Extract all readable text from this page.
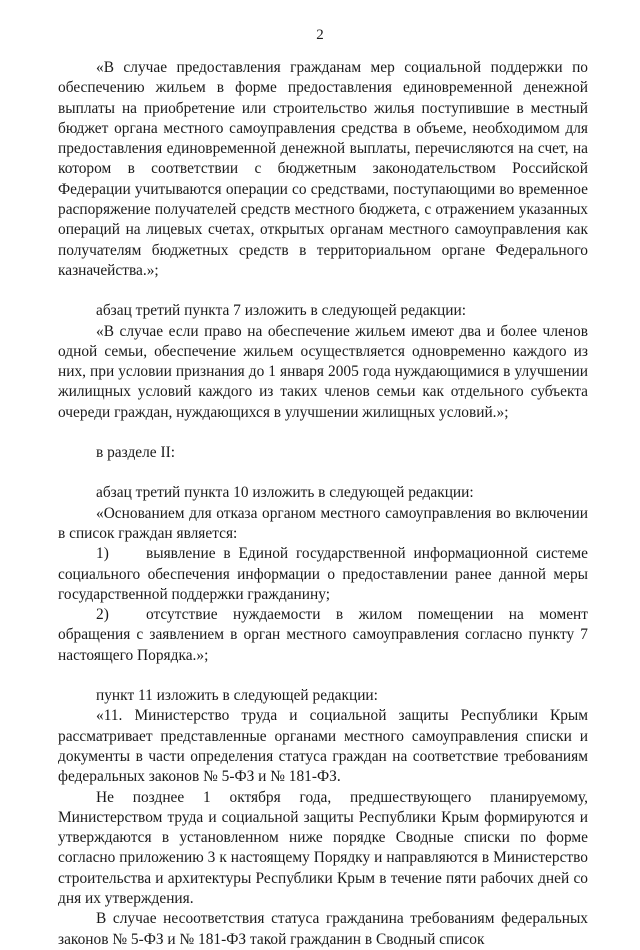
2

«В случае предоставления гражданам мер социальной поддержки по обеспечению жильем в форме предоставления единовременной денежной выплаты на приобретение или строительство жилья поступившие в местный бюджет органа местного самоуправления средства в объеме, необходимом для предоставления единовременной денежной выплаты, перечисляются на счет, на котором в соответствии с бюджетным законодательством Российской Федерации учитываются операции со средствами, поступающими во временное распоряжение получателей средств местного бюджета, с отражением указанных операций на лицевых счетах, открытых органам местного самоуправления как получателям бюджетных средств в территориальном органе Федерального казначейства.»;

абзац третий пункта 7 изложить в следующей редакции:

«В случае если право на обеспечение жильем имеют два и более членов одной семьи, обеспечение жильем осуществляется одновременно каждого из них, при условии признания до 1 января 2005 года нуждающимися в улучшении жилищных условий каждого из таких членов семьи как отдельного субъекта очереди граждан, нуждающихся в улучшении жилищных условий.»;

в разделе II:

абзац третий пункта 10 изложить в следующей редакции:

«Основанием для отказа органом местного самоуправления во включении в список граждан является:

1) выявление в Единой государственной информационной системе социального обеспечения информации о предоставлении ранее данной меры государственной поддержки гражданину;

2) отсутствие нуждаемости в жилом помещении на момент обращения с заявлением в орган местного самоуправления согласно пункту 7 настоящего Порядка.»;

пункт 11 изложить в следующей редакции:

«11. Министерство труда и социальной защиты Республики Крым рассматривает представленные органами местного самоуправления списки и документы в части определения статуса граждан на соответствие требованиям федеральных законов № 5-ФЗ и № 181-ФЗ.

Не позднее 1 октября года, предшествующего планируемому, Министерством труда и социальной защиты Республики Крым формируются и утверждаются в установленном ниже порядке Сводные списки по форме согласно приложению 3 к настоящему Порядку и направляются в Министерство строительства и архитектуры Республики Крым в течение пяти рабочих дней со дня их утверждения.

В случае несоответствия статуса гражданина требованиям федеральных законов № 5-ФЗ и № 181-ФЗ такой гражданин в Сводный список
